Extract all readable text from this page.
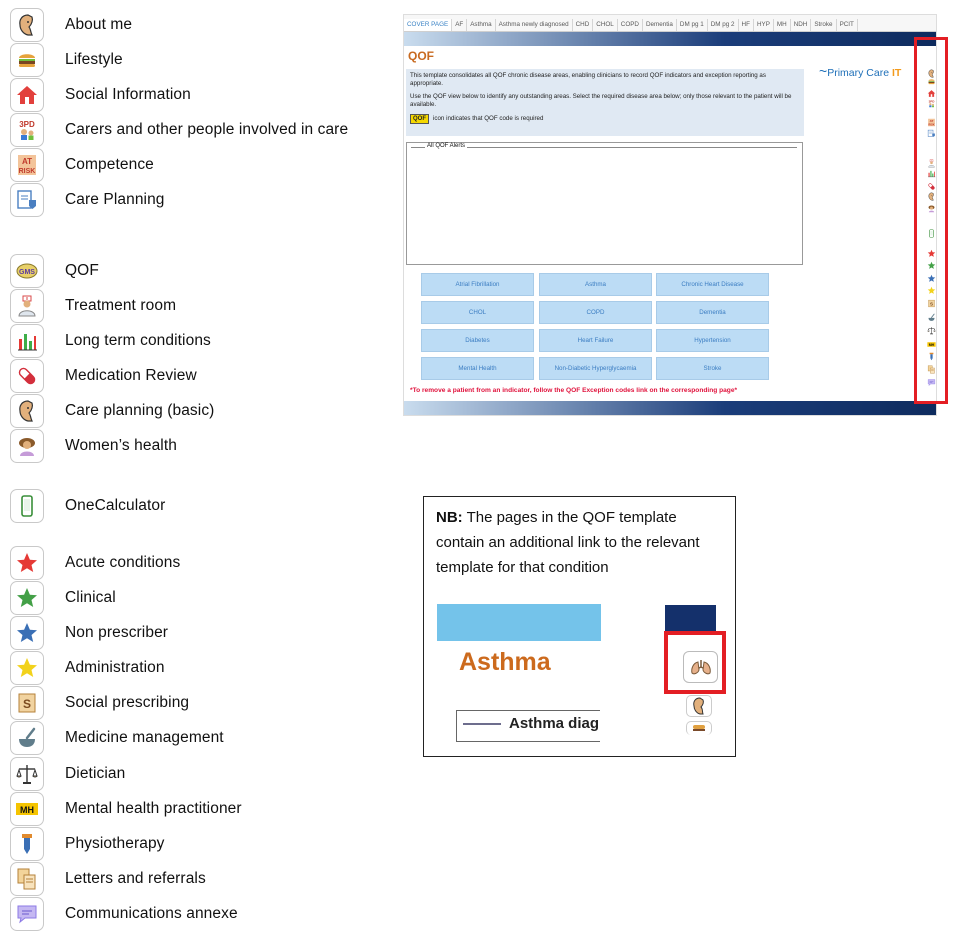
About me
Lifestyle
Social Information
3PD Carers and other people involved in care
AT
RISK Competence
Care Planning
GMS QOF
Treatment room
Long term conditions
Medication Review
Care planning (basic)
Women’s health
OneCalculator
Acute conditions
Clinical
Non prescriber
Administration
S Social prescribing
Medicine management
Dietician
MH Mental health practitioner
Physiotherapy
Letters and referrals
Communications annexe
COVER PAGE	AF	Asthma	Asthma newly diagnosed	CHD	CHOL	COPD	Dementia	DM pg 1	DM pg 2	HF	HYP	MH	NDH	Stroke	PCIT
QOF

This template consolidates all QOF chronic disease areas, enabling clinicians to record QOF indicators and exception reporting as appropriate.

Use the QOF view below to identify any outstanding areas. Select the required disease area below; only those relevant to the patient will be available.

QOF icon indicates that QOF code is required

~Primary Care IT
All QOF Alerts
Atrial Fibrillation	Asthma	Chronic Heart Disease
CHOL	COPD	Dementia
Diabetes	Heart Failure	Hypertension
Mental Health	Non-Diabetic Hyperglycaemia	Stroke
*To remove a patient from an indicator, follow the QOF Exception codes link on the corresponding page*
3PD
AT
RISK
S
MH
NB: The pages in the QOF template contain an additional link to the relevant template for that condition
Asthma
Asthma diag
